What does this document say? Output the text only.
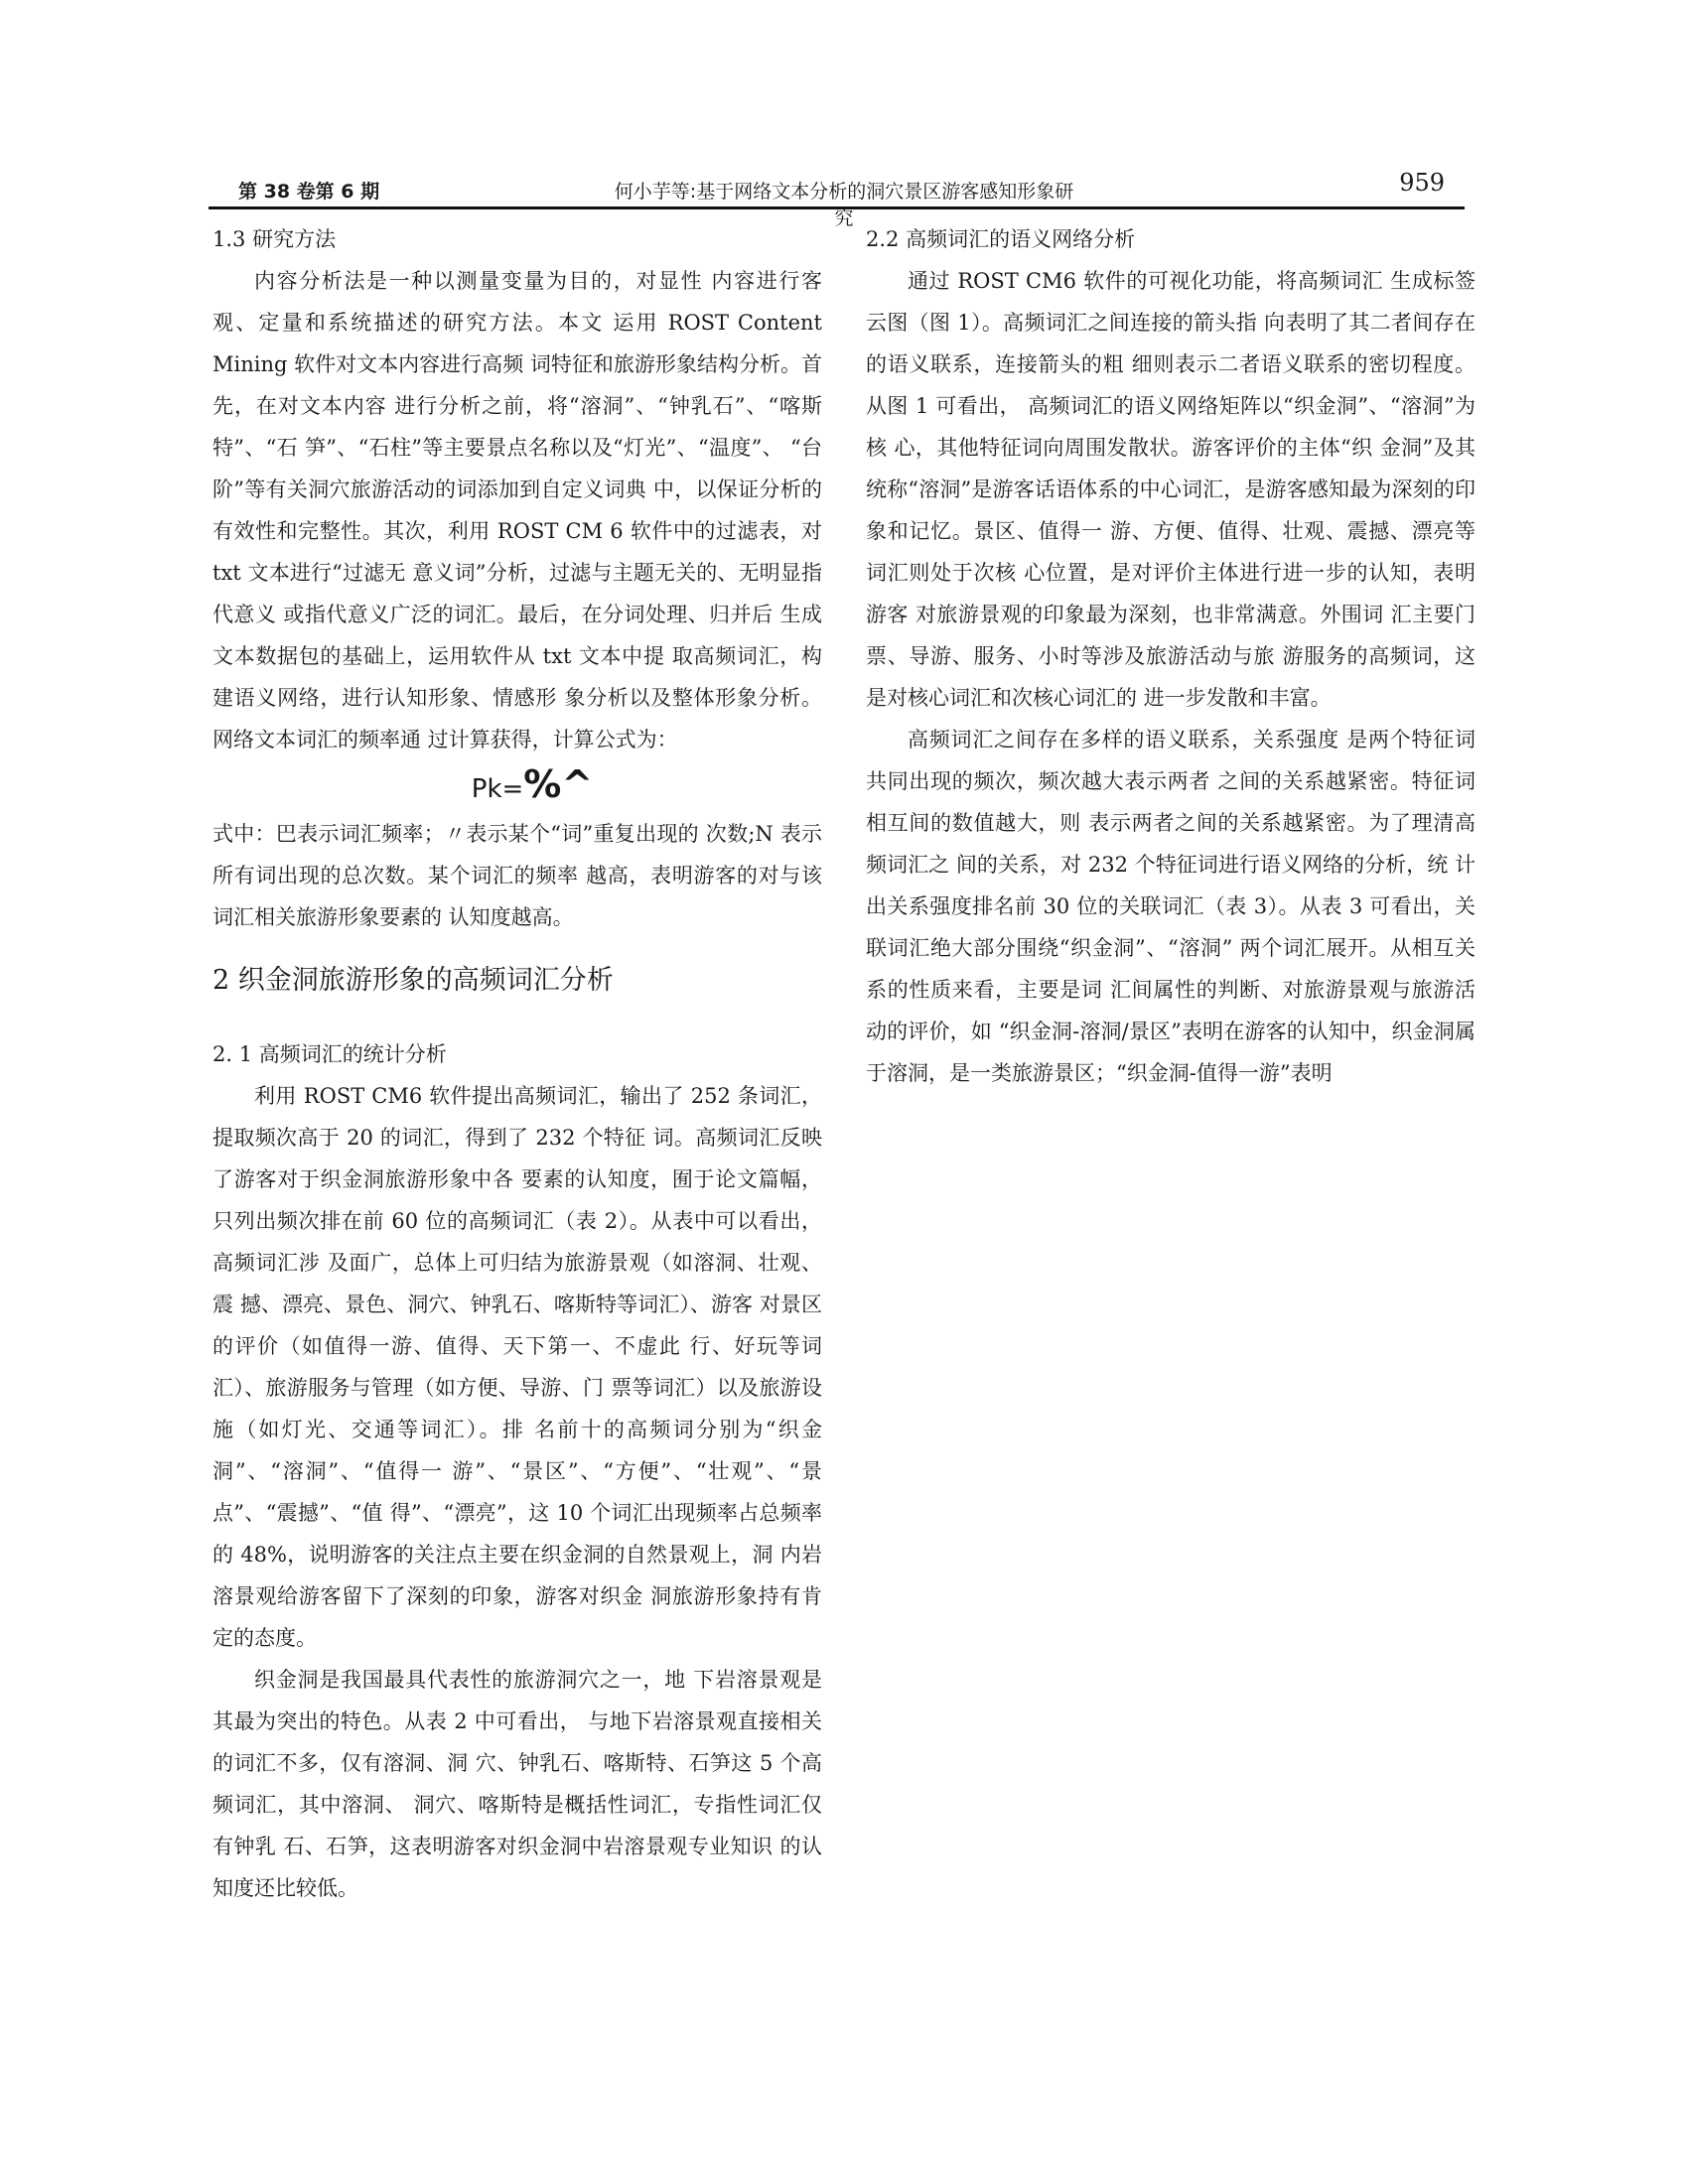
第 38 卷第 6 期	何小芋等:基于网络文本分析的洞穴景区游客感知形象研究
959

1.3 研究方法

内容分析法是一种以测量变量为目的，对显性 内容进行客观、定量和系统描述的研究方法。本文 运用 ROST Content Mining 软件对文本内容进行高频 词特征和旅游形象结构分析。首先，在对文本内容 进行分析之前，将“溶洞”、“钟乳石”、“喀斯特”、“石 笋”、“石柱”等主要景点名称以及“灯光”、“温度”、 “台阶”等有关洞穴旅游活动的词添加到自定义词典 中，以保证分析的有效性和完整性。其次，利用 ROST CM 6 软件中的过滤表，对 txt 文本进行“过滤无 意义词”分析，过滤与主题无关的、无明显指代意义 或指代意义广泛的词汇。最后，在分词处理、归并后 生成文本数据包的基础上，运用软件从 txt 文本中提 取高频词汇，构建语义网络，进行认知形象、情感形 象分析以及整体形象分析。网络文本词汇的频率通 过计算获得，计算公式为：

Pk=%^

式中：巴表示词汇频率；〃表示某个“词”重复出现的 次数;N 表示所有词出现的总次数。某个词汇的频率 越高，表明游客的对与该词汇相关旅游形象要素的 认知度越高。

2 织金洞旅游形象的高频词汇分析

2. 1 高频词汇的统计分析

利用 ROST CM6 软件提出高频词汇，输出了 252 条词汇，提取频次高于 20 的词汇，得到了 232 个特征 词。高频词汇反映了游客对于织金洞旅游形象中各 要素的认知度，囿于论文篇幅，只列出频次排在前 60 位的高频词汇（表 2）。从表中可以看出，高频词汇涉 及面广，总体上可归结为旅游景观（如溶洞、壮观、震 撼、漂亮、景色、洞穴、钟乳石、喀斯特等词汇）、游客 对景区的评价（如值得一游、值得、天下第一、不虚此 行、好玩等词汇）、旅游服务与管理（如方便、导游、门 票等词汇）以及旅游设施（如灯光、交通等词汇）。排 名前十的高频词分别为“织金洞”、“溶洞”、“值得一 游”、“景区”、“方便”、“壮观”、“景点”、“震撼”、“值 得”、“漂亮”，这 10 个词汇出现频率占总频率的 48%，说明游客的关注点主要在织金洞的自然景观上，洞 内岩溶景观给游客留下了深刻的印象，游客对织金 洞旅游形象持有肯定的态度。

织金洞是我国最具代表性的旅游洞穴之一，地 下岩溶景观是其最为突出的特色。从表 2 中可看出， 与地下岩溶景观直接相关的词汇不多，仅有溶洞、洞 穴、钟乳石、喀斯特、石笋这 5 个高频词汇，其中溶洞、 洞穴、喀斯特是概括性词汇，专指性词汇仅有钟乳 石、石笋，这表明游客对织金洞中岩溶景观专业知识 的认知度还比较低。

2.2 高频词汇的语义网络分析

通过 ROST CM6 软件的可视化功能，将高频词汇 生成标签云图（图 1）。高频词汇之间连接的箭头指 向表明了其二者间存在的语义联系，连接箭头的粗 细则表示二者语义联系的密切程度。从图 1 可看出， 高频词汇的语义网络矩阵以“织金洞”、“溶洞”为核 心，其他特征词向周围发散状。游客评价的主体“织 金洞”及其统称“溶洞”是游客话语体系的中心词汇，是游客感知最为深刻的印象和记忆。景区、值得一 游、方便、值得、壮观、震撼、漂亮等词汇则处于次核 心位置，是对评价主体进行进一步的认知，表明游客 对旅游景观的印象最为深刻，也非常满意。外围词 汇主要门票、导游、服务、小时等涉及旅游活动与旅 游服务的高频词，这是对核心词汇和次核心词汇的 进一步发散和丰富。

高频词汇之间存在多样的语义联系，关系强度 是两个特征词共同出现的频次，频次越大表示两者 之间的关系越紧密。特征词相互间的数值越大，则 表示两者之间的关系越紧密。为了理清高频词汇之 间的关系，对 232 个特征词进行语义网络的分析，统 计出关系强度排名前 30 位的关联词汇（表 3）。从表 3 可看出，关联词汇绝大部分围绕“织金洞”、“溶洞” 两个词汇展开。从相互关系的性质来看，主要是词 汇间属性的判断、对旅游景观与旅游活动的评价，如 “织金洞-溶洞/景区”表明在游客的认知中，织金洞属 于溶洞，是一类旅游景区；“织金洞-值得一游”表明
